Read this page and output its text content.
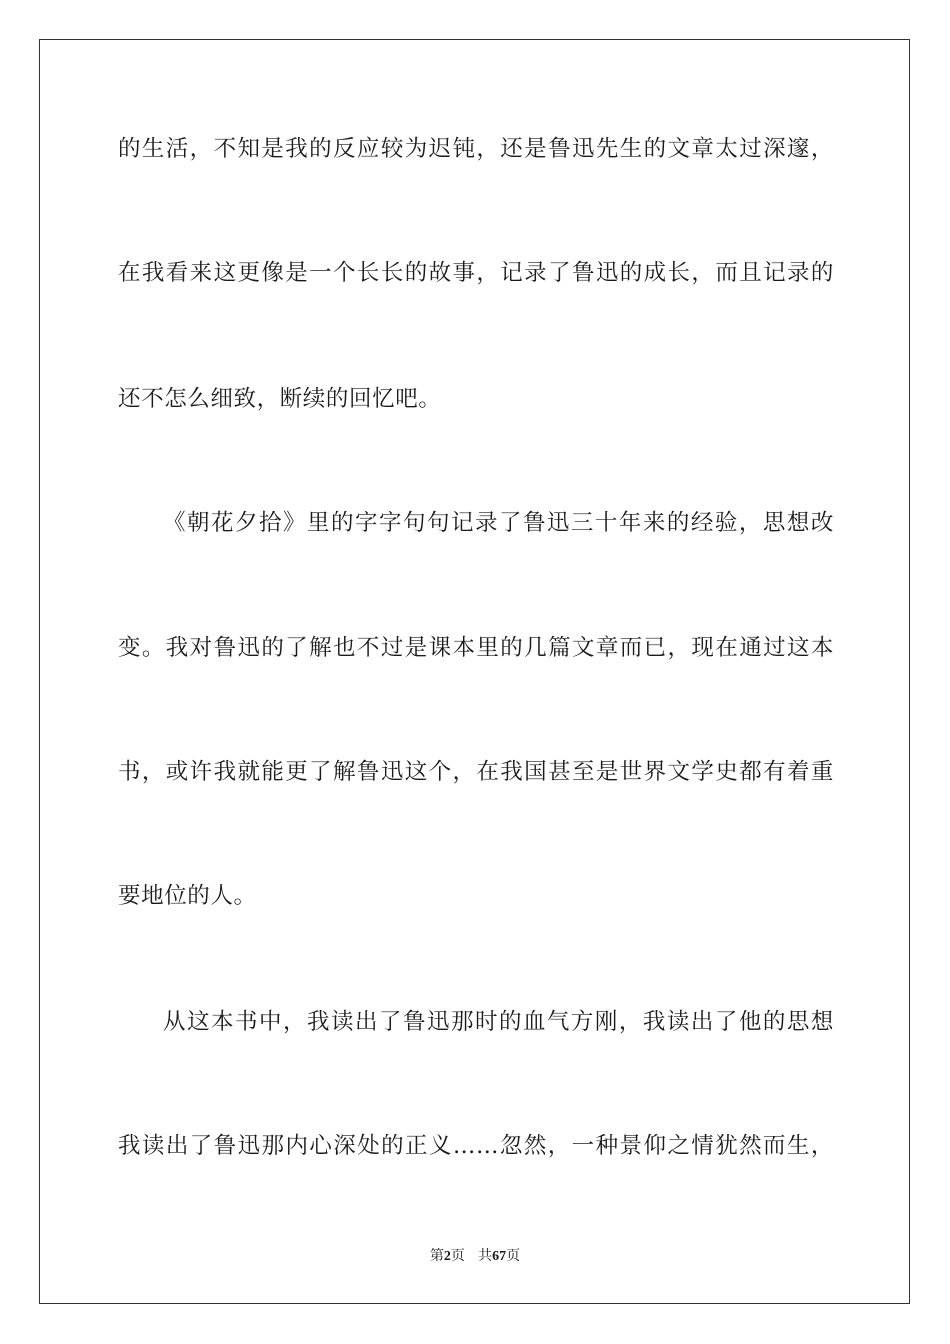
的生活，不知是我的反应较为迟钝，还是鲁迅先生的文章太过深邃，
在我看来这更像是一个长长的故事，记录了鲁迅的成长，而且记录的
还不怎么细致，断续的回忆吧。
《朝花夕拾》里的字字句句记录了鲁迅三十年来的经验，思想改
变。我对鲁迅的了解也不过是课本里的几篇文章而已，现在通过这本
书，或许我就能更了解鲁迅这个，在我国甚至是世界文学史都有着重
要地位的人。
从这本书中，我读出了鲁迅那时的血气方刚，我读出了他的思想
我读出了鲁迅那内心深处的正义……忽然，一种景仰之情犹然而生，
第2页 共67页
